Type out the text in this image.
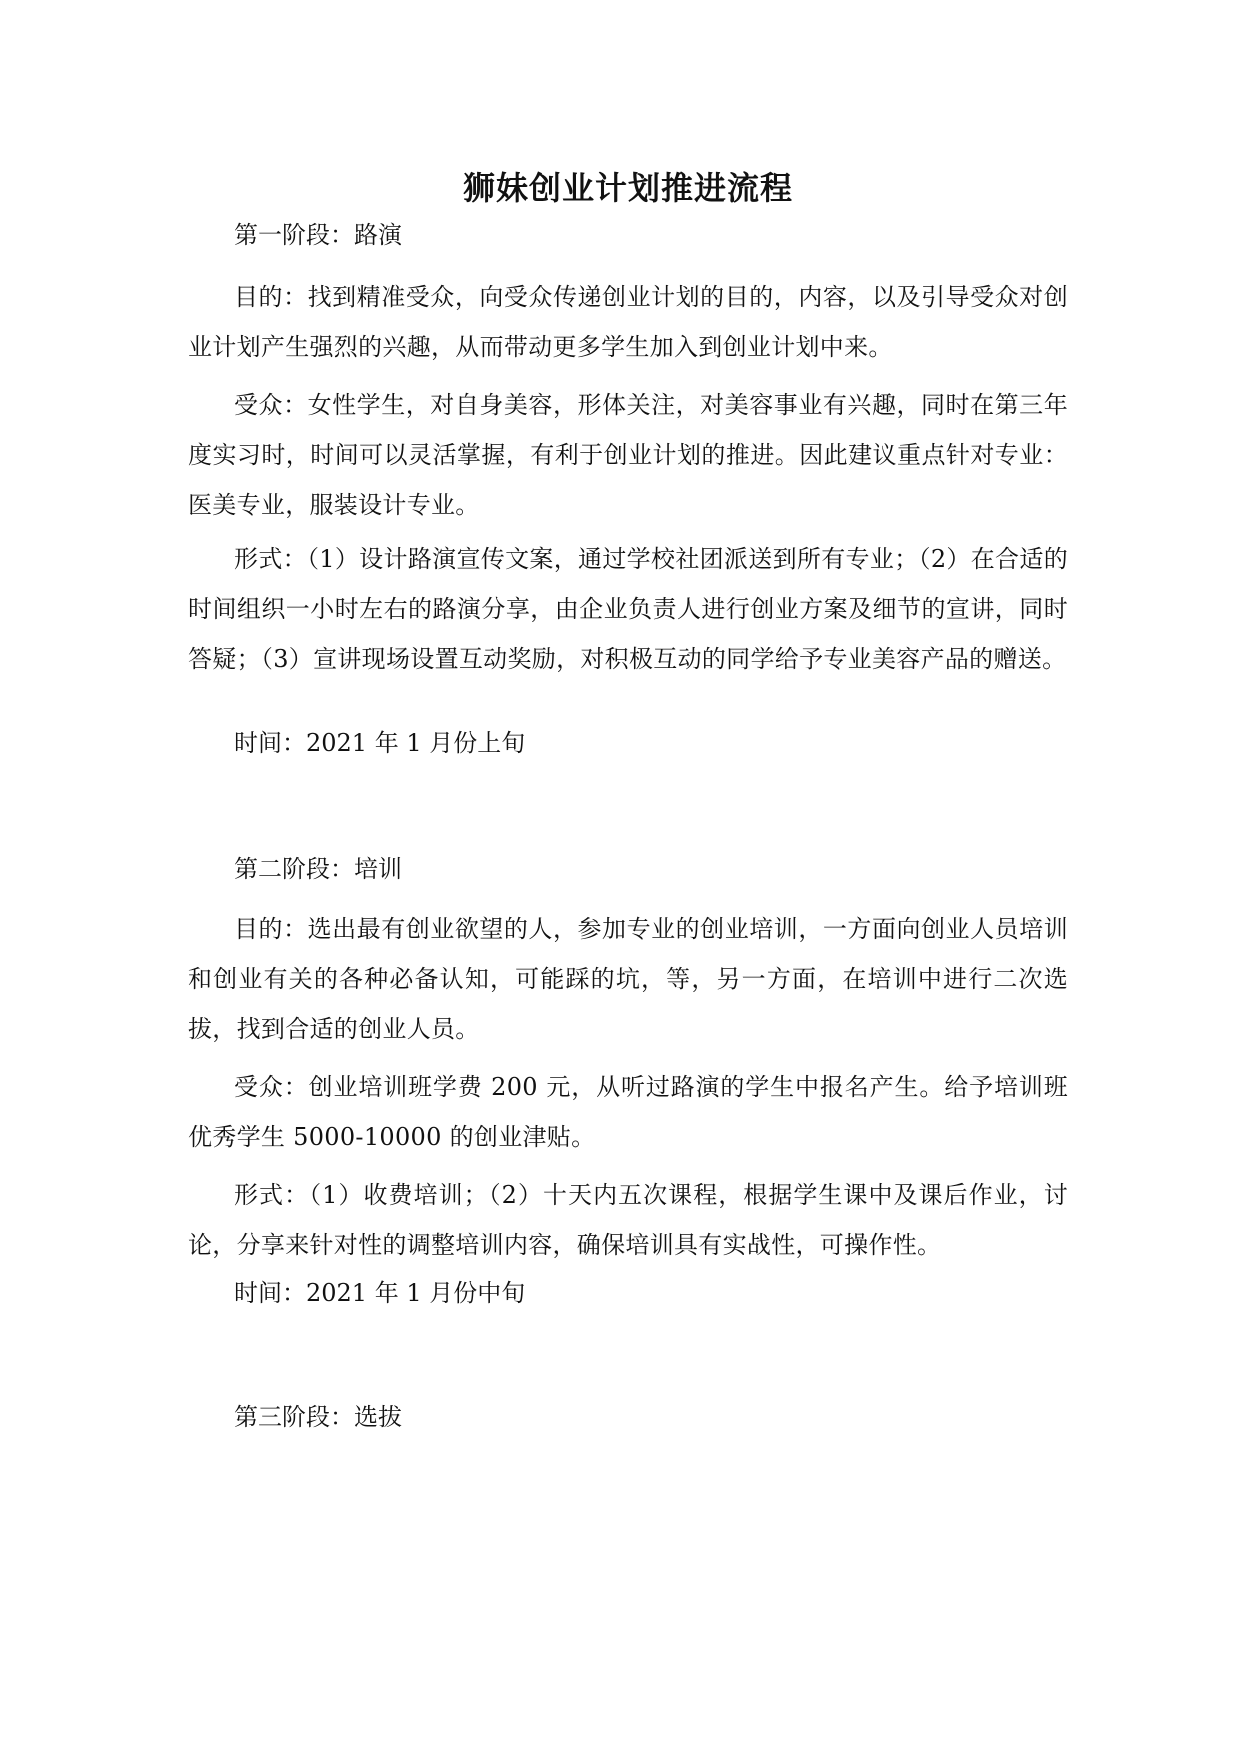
狮妹创业计划推进流程

第一阶段：路演

目的：找到精准受众，向受众传递创业计划的目的，内容，以及引导受众对创业计划产生强烈的兴趣，从而带动更多学生加入到创业计划中来。

受众：女性学生，对自身美容，形体关注，对美容事业有兴趣，同时在第三年度实习时，时间可以灵活掌握，有利于创业计划的推进。因此建议重点针对专业：医美专业，服装设计专业。

形式：（1）设计路演宣传文案，通过学校社团派送到所有专业；（2）在合适的时间组织一小时左右的路演分享，由企业负责人进行创业方案及细节的宣讲，同时答疑；（3）宣讲现场设置互动奖励，对积极互动的同学给予专业美容产品的赠送。

时间：2021 年 1 月份上旬

第二阶段：培训

目的：选出最有创业欲望的人，参加专业的创业培训，一方面向创业人员培训和创业有关的各种必备认知，可能踩的坑，等，另一方面，在培训中进行二次选拔，找到合适的创业人员。

受众：创业培训班学费 200 元，从听过路演的学生中报名产生。给予培训班优秀学生 5000-10000 的创业津贴。

形式：（1）收费培训；（2）十天内五次课程，根据学生课中及课后作业，讨论，分享来针对性的调整培训内容，确保培训具有实战性，可操作性。

时间：2021 年 1 月份中旬

第三阶段：选拔
